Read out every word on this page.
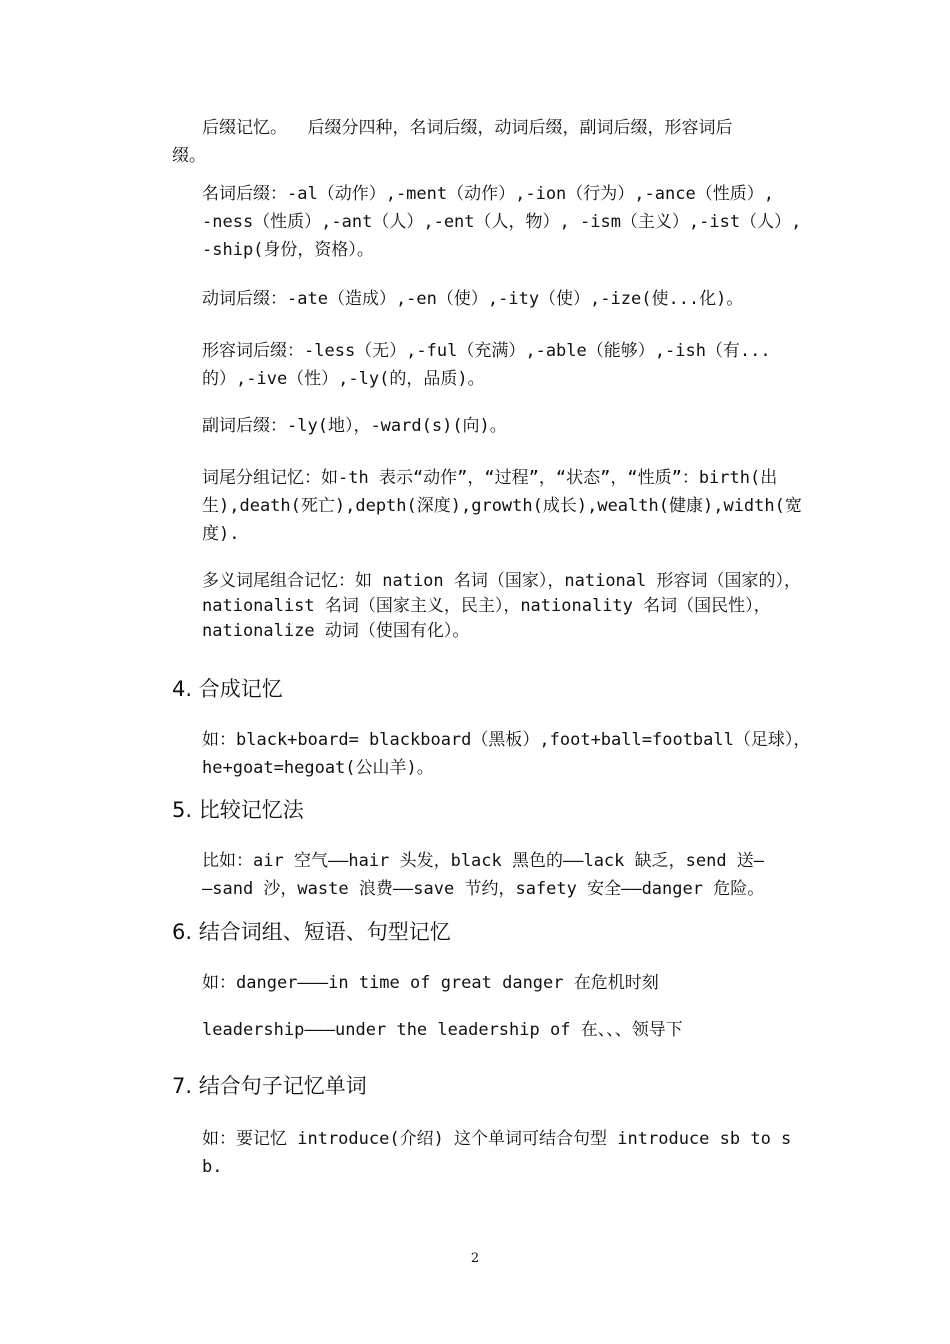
后缀记忆。  后缀分四种，名词后缀，动词后缀，副词后缀，形容词后
缀。
名词后缀：-al（动作）,-ment（动作）,-ion（行为）,-ance（性质）,
-ness（性质）,-ant（人）,-ent（人，物）, -ism（主义）,-ist（人）,
-ship(身份，资格）。
动词后缀：-ate（造成）,-en（使）,-ity（使）,-ize(使...化)。
形容词后缀：-less（无）,-ful（充满）,-able（能够）,-ish（有...
的）,-ive（性）,-ly(的，品质)。
副词后缀：-ly(地），-ward(s)(向)。
词尾分组记忆：如-th 表示“动作”，“过程”，“状态”，“性质”：birth(出
生),death(死亡),depth(深度),growth(成长),wealth(健康),width(宽
度).
多义词尾组合记忆：如 nation 名词（国家），national 形容词（国家的），
nationalist 名词（国家主义，民主），nationality 名词（国民性），
nationalize 动词（使国有化）。
4. 合成记忆
如：black+board= blackboard（黑板）,foot+ball=football（足球），
he+goat=hegoat(公山羊)。
5. 比较记忆法
比如：air 空气——hair 头发，black 黑色的——lack 缺乏，send 送—
—sand 沙，waste 浪费——save 节约，safety 安全——danger 危险。
6. 结合词组、短语、句型记忆
如：danger———in time of great danger 在危机时刻
leadership———under the leadership of 在、、、领导下
7. 结合句子记忆单词
如：要记忆 introduce(介绍) 这个单词可结合句型 introduce sb to s
b.
2
